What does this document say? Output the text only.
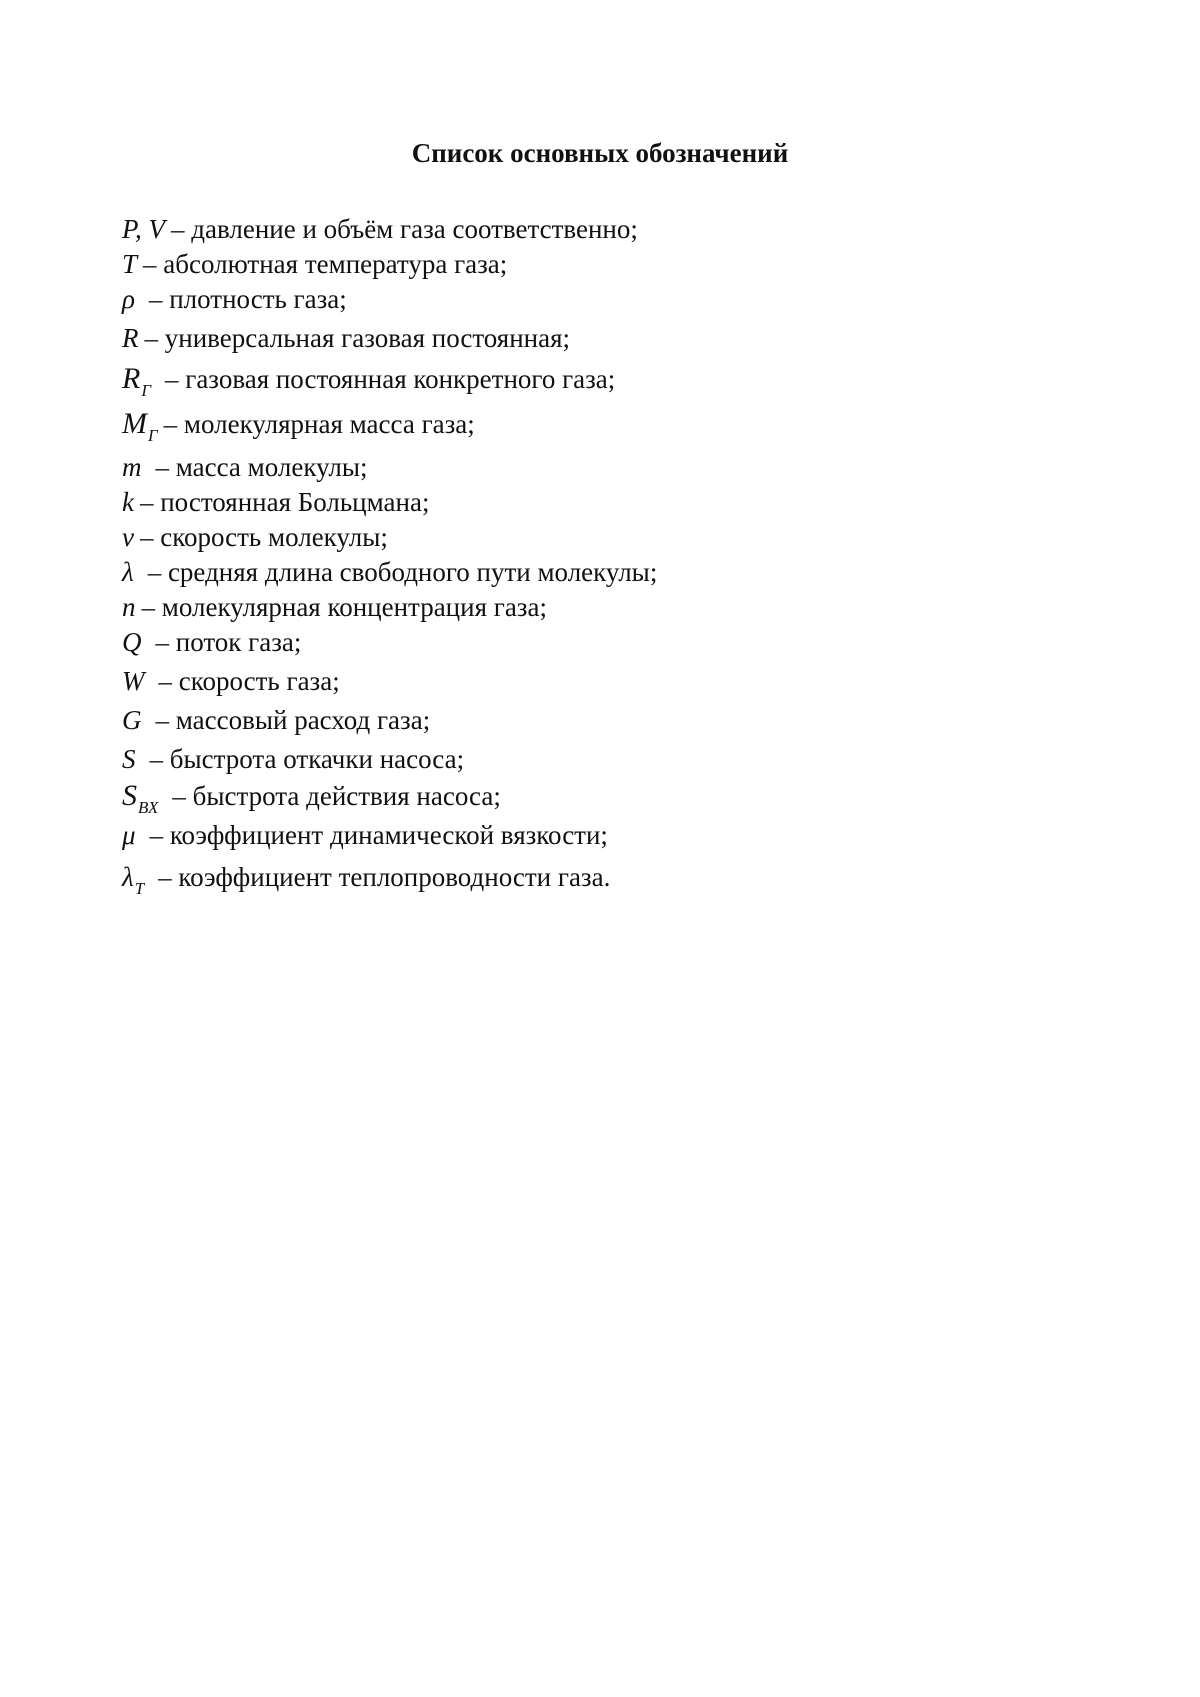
Список основных обозначений
P, V – давление и объём газа соответственно;
T – абсолютная температура газа;
ρ – плотность газа;
R – универсальная газовая постоянная;
$R_Г$ – газовая постоянная конкретного газа;
$M_Г$ – молекулярная масса газа;
m – масса молекулы;
k – постоянная Больцмана;
v – скорость молекулы;
λ – средняя длина свободного пути молекулы;
n – молекулярная концентрация газа;
Q – поток газа;
W – скорость газа;
G – массовый расход газа;
S – быстрота откачки насоса;
$S_{ВХ}$ – быстрота действия насоса;
μ – коэффициент динамической вязкости;
$\lambda_T$ – коэффициент теплопроводности газа.
